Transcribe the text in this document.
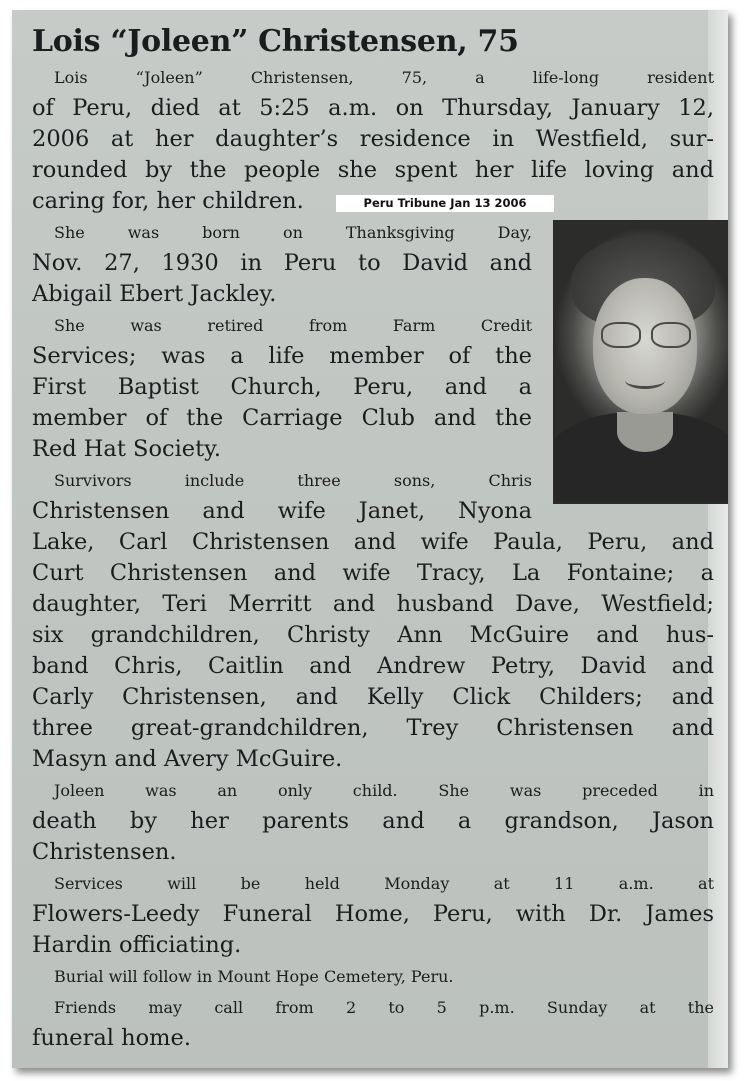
Lois “Joleen” Christensen, 75
Lois “Joleen” Christensen, 75, a life-long resident
of Peru, died at 5:25 a.m. on Thursday, January 12,
2006 at her daughter’s residence in Westfield, sur-
rounded by the people she spent her life loving and
caring for, her children.
She was born on Thanksgiving Day,
Nov. 27, 1930 in Peru to David and
Abigail Ebert Jackley.
She was retired from Farm Credit
Services; was a life member of the
First Baptist Church, Peru, and a
member of the Carriage Club and the
Red Hat Society.
Survivors include three sons, Chris
Christensen and wife Janet, Nyona
Lake, Carl Christensen and wife Paula, Peru, and
Curt Christensen and wife Tracy, La Fontaine; a
daughter, Teri Merritt and husband Dave, Westfield;
six grandchildren, Christy Ann McGuire and hus-
band Chris, Caitlin and Andrew Petry, David and
Carly Christensen, and Kelly Click Childers; and
three great-grandchildren, Trey Christensen and
Masyn and Avery McGuire.
Joleen was an only child. She was preceded in
death by her parents and a grandson, Jason
Christensen.
Services will be held Monday at 11 a.m. at
Flowers-Leedy Funeral Home, Peru, with Dr. James
Hardin officiating.
Burial will follow in Mount Hope Cemetery, Peru.
Friends may call from 2 to 5 p.m. Sunday at the
funeral home.
Peru Tribune Jan 13 2006
